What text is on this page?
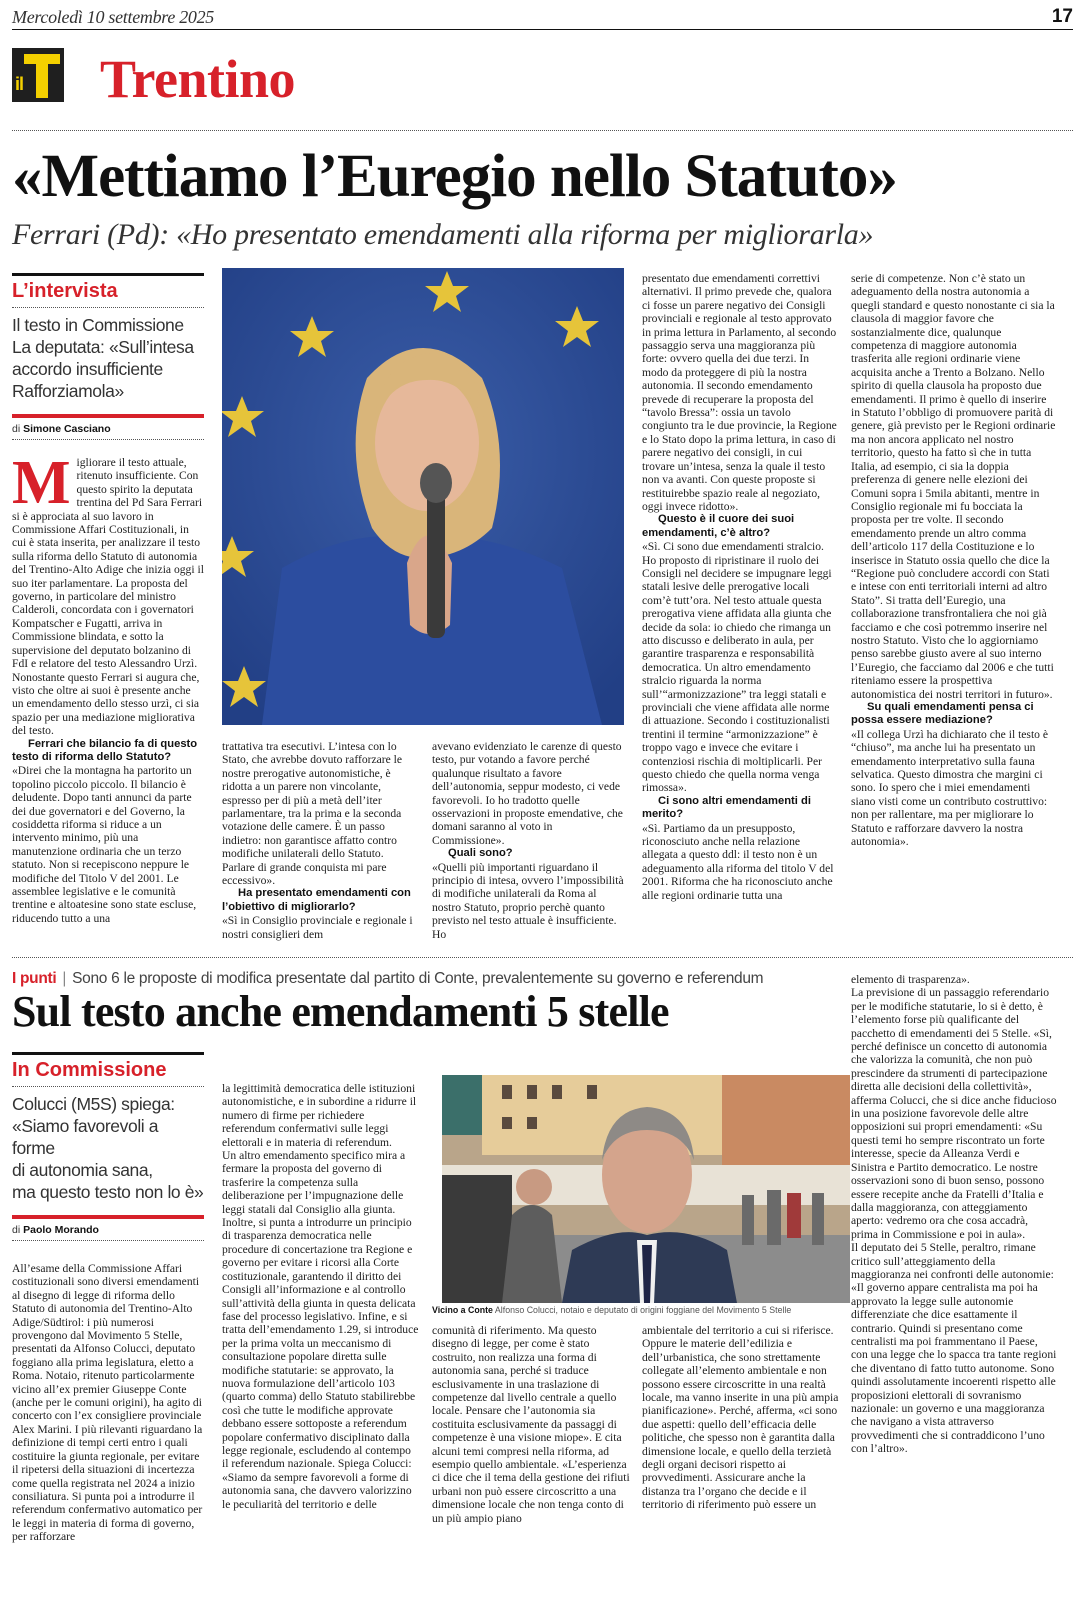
Mercoledì 10 settembre 2025	17
il Trentino
«Mettiamo l’Euregio nello Statuto»
Ferrari (Pd): «Ho presentato emendamenti alla riforma per migliorarla»
L’intervista
Il testo in Commissione
La deputata: «Sull’intesa
accordo insufficiente
Rafforziamola»
di Simone Casciano
M igliorare il testo attuale, ritenuto insufficiente. Con questo spirito la deputata trentina del Pd Sara Ferrari si è approciata al suo lavoro in Commissione Affari Costituzionali, in cui è stata inserita, per analizzare il testo sulla riforma dello Statuto di autonomia del Trentino-Alto Adige che inizia oggi il suo iter parlamentare. La proposta del governo, in particolare del ministro Calderoli, concordata con i governatori Kompatscher e Fugatti, arriva in Commissione blindata, e sotto la supervisione del deputato bolzanino di FdI e relatore del testo Alessandro Urzì. Nonostante questo Ferrari si augura che, visto che oltre ai suoi è presente anche un emendamento dello stesso urzì, ci sia spazio per una mediazione migliorativa del testo.

Ferrari che bilancio fa di questo testo di riforma dello Statuto?

«Direi che la montagna ha partorito un topolino piccolo piccolo. Il bilancio è deludente. Dopo tanti annunci da parte dei due governatori e del Governo, la cosiddetta riforma si riduce a un intervento minimo, più una manutenzione ordinaria che un terzo statuto. Non si recepiscono neppure le modifiche del Titolo V del 2001. Le assemblee legislative e le comunità trentine e altoatesine sono state escluse, riducendo tutto a una

trattativa tra esecutivi. L’intesa con lo Stato, che avrebbe dovuto rafforzare le nostre prerogative autonomistiche, è ridotta a un parere non vincolante, espresso per di più a metà dell’iter parlamentare, tra la prima e la seconda votazione delle camere. È un passo indietro: non garantisce affatto contro modifiche unilaterali dello Statuto. Parlare di grande conquista mi pare eccessivo».

Ha presentato emendamenti con l’obiettivo di migliorarlo?

«Sì in Consiglio provinciale e regionale i nostri consiglieri dem

avevano evidenziato le carenze di questo testo, pur votando a favore perché qualunque risultato a favore dell’autonomia, seppur modesto, ci vede favorevoli. Io ho tradotto quelle osservazioni in proposte emendative, che domani saranno al voto in Commissione».

Quali sono?

«Quelli più importanti riguardano il principio di intesa, ovvero l’impossibilità di modifiche unilaterali da Roma al nostro Statuto, proprio perchè quanto previsto nel testo attuale è insufficiente. Ho

presentato due emendamenti correttivi alternativi. Il primo prevede che, qualora ci fosse un parere negativo dei Consigli provinciali e regionale al testo approvato in prima lettura in Parlamento, al secondo passaggio serva una maggioranza più forte: ovvero quella dei due terzi. In modo da proteggere di più la nostra autonomia. Il secondo emendamento prevede di recuperare la proposta del “tavolo Bressa”: ossia un tavolo congiunto tra le due provincie, la Regione e lo Stato dopo la prima lettura, in caso di parere negativo dei consigli, in cui trovare un’intesa, senza la quale il testo non va avanti. Con queste proposte si restituirebbe spazio reale al negoziato, oggi invece ridotto».

Questo è il cuore dei suoi emendamenti, c’è altro?

«Sì. Ci sono due emendamenti stralcio. Ho proposto di ripristinare il ruolo dei Consigli nel decidere se impugnare leggi statali lesive delle prerogative locali com’è tutt’ora. Nel testo attuale questa prerogativa viene affidata alla giunta che decide da sola: io chiedo che rimanga un atto discusso e deliberato in aula, per garantire trasparenza e responsabilità democratica. Un altro emendamento stralcio riguarda la norma sull’“armonizzazione” tra leggi statali e provinciali che viene affidata alle norme di attuazione. Secondo i costituzionalisti trentini il termine “armonizzazione” è troppo vago e invece che evitare i contenziosi rischia di moltiplicarli. Per questo chiedo che quella norma venga rimossa».

Ci sono altri emendamenti di merito?

«Sì. Partiamo da un presupposto, riconosciuto anche nella relazione allegata a questo ddl: il testo non è un adeguamento alla riforma del titolo V del 2001. Riforma che ha riconosciuto anche alle regioni ordinarie tutta una

serie di competenze. Non c’è stato un adeguamento della nostra autonomia a quegli standard e questo nonostante ci sia la clausola di maggior favore che sostanzialmente dice, qualunque competenza di maggiore autonomia trasferita alle regioni ordinarie viene acquisita anche a Trento a Bolzano. Nello spirito di quella clausola ha proposto due emendamenti. Il primo è quello di inserire in Statuto l’obbligo di promuovere parità di genere, già previsto per le Regioni ordinarie ma non ancora applicato nel nostro territorio, questo ha fatto sì che in tutta Italia, ad esempio, ci sia la doppia preferenza di genere nelle elezioni dei Comuni sopra i 5mila abitanti, mentre in Consiglio regionale mi fu bocciata la proposta per tre volte. Il secondo emendamento prende un altro comma dell’articolo 117 della Costituzione e lo inserisce in Statuto ossia quello che dice la “Regione può concludere accordi con Stati e intese con enti territoriali interni ad altro Stato”. Si tratta dell’Euregio, una collaborazione transfrontaliera che noi già facciamo e che così potremmo inserire nel nostro Statuto. Visto che lo aggiorniamo penso sarebbe giusto avere al suo interno l’Euregio, che facciamo dal 2006 e che tutti riteniamo essere la prospettiva autonomistica dei nostri territori in futuro».

Su quali emendamenti pensa ci possa essere mediazione?

«Il collega Urzì ha dichiarato che il testo è “chiuso”, ma anche lui ha presentato un emendamento interpretativo sulla fauna selvatica. Questo dimostra che margini ci sono. Io spero che i miei emendamenti siano visti come un contributo costruttivo: non per rallentare, ma per migliorare lo Statuto e rafforzare davvero la nostra autonomia».

I punti | Sono 6 le proposte di modifica presentate dal partito di Conte, prevalentemente su governo e referendum
Sul testo anche emendamenti 5 stelle
In Commissione
Colucci (M5S) spiega:
«Siamo favorevoli a forme
di autonomia sana,
ma questo testo non lo è»
di Paolo Morando

All’esame della Commissione Affari costituzionali sono diversi emendamenti al disegno di legge di riforma dello Statuto di autonomia del Trentino-Alto Adige/Südtirol: i più numerosi provengono dal Movimento 5 Stelle, presentati da Alfonso Colucci, deputato foggiano alla prima legislatura, eletto a Roma. Notaio, ritenuto particolarmente vicino all’ex premier Giuseppe Conte (anche per le comuni origini), ha agito di concerto con l’ex consigliere provinciale Alex Marini. I più rilevanti riguardano la definizione di tempi certi entro i quali costituire la giunta regionale, per evitare il ripetersi della situazioni di incertezza come quella registrata nel 2024 a inizio consiliatura. Si punta poi a introdurre il referendum confermativo automatico per le leggi in materia di forma di governo, per rafforzare

la legittimità democratica delle istituzioni autonomistiche, e in subordine a ridurre il numero di firme per richiedere referendum confermativi sulle leggi elettorali e in materia di referendum.

Un altro emendamento specifico mira a fermare la proposta del governo di trasferire la competenza sulla deliberazione per l’impugnazione delle leggi statali dal Consiglio alla giunta. Inoltre, si punta a introdurre un principio di trasparenza democratica nelle procedure di concertazione tra Regione e governo per evitare i ricorsi alla Corte costituzionale, garantendo il diritto dei Consigli all’informazione e al controllo sull’attività della giunta in questa delicata fase del processo legislativo. Infine, e si tratta dell’emendamento 1.29, si introduce per la prima volta un meccanismo di consultazione popolare diretta sulle modifiche statutarie: se approvato, la nuova formulazione dell’articolo 103 (quarto comma) dello Statuto stabilirebbe così che tutte le modifiche approvate debbano essere sottoposte a referendum popolare confermativo disciplinato dalla legge regionale, escludendo al contempo il referendum nazionale. Spiega Colucci: «Siamo da sempre favorevoli a forme di autonomia sana, che davvero valorizzino le peculiarità del territorio e delle

Vicino a Conte Alfonso Colucci, notaio e deputato di origini foggiane del Movimento 5 Stelle

comunità di riferimento. Ma questo disegno di legge, per come è stato costruito, non realizza una forma di autonomia sana, perché si traduce esclusivamente in una traslazione di competenze dal livello centrale a quello locale. Pensare che l’autonomia sia costituita esclusivamente da passaggi di competenze è una visione miope». E cita alcuni temi compresi nella riforma, ad esempio quello ambientale. «L’esperienza ci dice che il tema della gestione dei rifiuti urbani non può essere circoscritto a una dimensione locale che non tenga conto di un più ampio piano

ambientale del territorio a cui si riferisce. Oppure le materie dell’edilizia e dell’urbanistica, che sono strettamente collegate all’elemento ambientale e non possono essere circoscritte in una realtà locale, ma vanno inserite in una più ampia pianificazione». Perché, afferma, «ci sono due aspetti: quello dell’efficacia delle politiche, che spesso non è garantita dalla dimensione locale, e quello della terzietà degli organi decisori rispetto ai provvedimenti. Assicurare anche la distanza tra l’organo che decide e il territorio di riferimento può essere un

elemento di trasparenza».

La previsione di un passaggio referendario per le modifiche statutarie, lo si è detto, è l’elemento forse più qualificante del pacchetto di emendamenti dei 5 Stelle. «Sì, perché definisce un concetto di autonomia che valorizza la comunità, che non può prescindere da strumenti di partecipazione diretta alle decisioni della collettività», afferma Colucci, che si dice anche fiducioso in una posizione favorevole delle altre opposizioni sui propri emendamenti: «Su questi temi ho sempre riscontrato un forte interesse, specie da Alleanza Verdi e Sinistra e Partito democratico. Le nostre osservazioni sono di buon senso, possono essere recepite anche da Fratelli d’Italia e dalla maggioranza, con atteggiamento aperto: vedremo ora che cosa accadrà, prima in Commissione e poi in aula».

Il deputato dei 5 Stelle, peraltro, rimane critico sull’atteggiamento della maggioranza nei confronti delle autonomie: «Il governo appare centralista ma poi ha approvato la legge sulle autonomie differenziate che dice esattamente il contrario. Quindi si presentano come centralisti ma poi frammentano il Paese, con una legge che lo spacca tra tante regioni che diventano di fatto tutto autonome. Sono quindi assolutamente incoerenti rispetto alle proposizioni elettorali di sovranismo nazionale: un governo e una maggioranza che navigano a vista attraverso provvedimenti che si contraddicono l’uno con l’altro».
